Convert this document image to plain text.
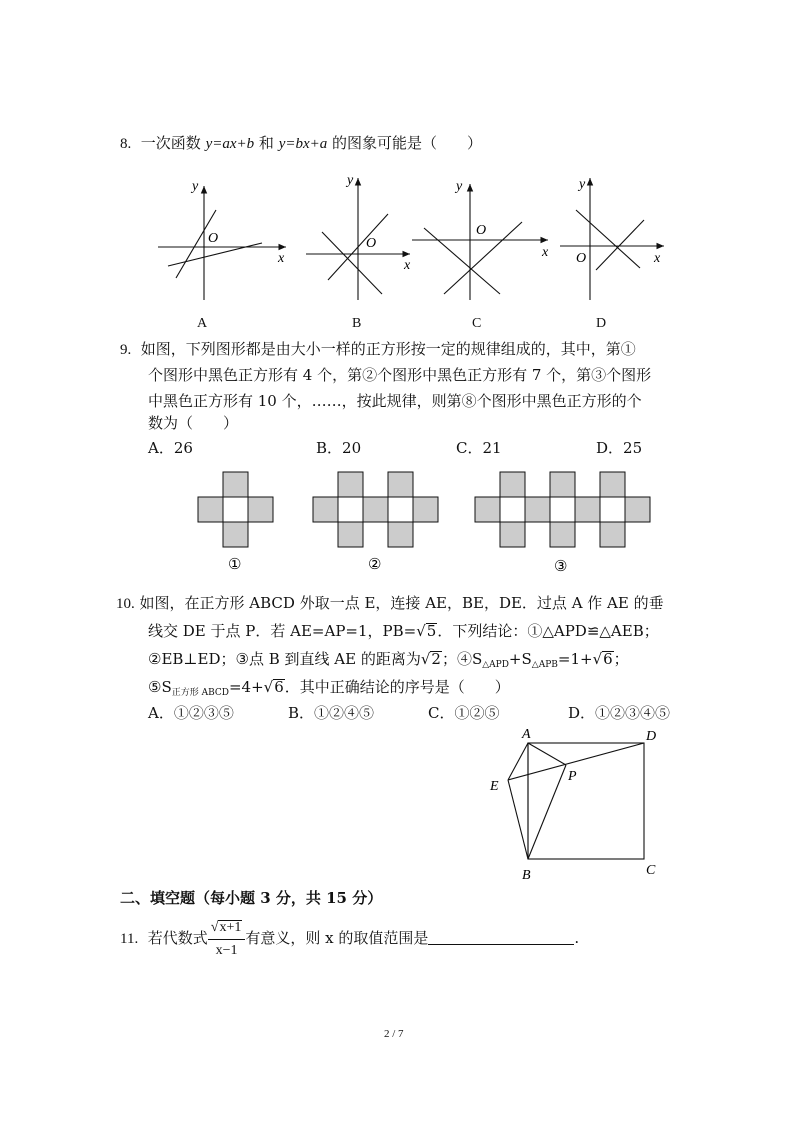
8. 一次函数 y=ax+b 和 y=bx+a 的图象可能是（　　）
y
x
O
y
x
O
y
x
O
y
x
O
A	B	C	D
9. 如图，下列图形都是由大小一样的正方形按一定的规律组成的，其中，第①
个图形中黑色正方形有 4 个，第②个图形中黑色正方形有 7 个，第③个图形
中黑色正方形有 10 个，……，按此规律，则第⑧个图形中黑色正方形的个
数为（　　）
A．26	B．20	C．21	D．25
①	②	③
10. 如图，在正方形 ABCD 外取一点 E，连接 AE，BE，DE．过点 A 作 AE 的垂
线交 DE 于点 P．若 AE=AP=1，PB=√5．下列结论：①△APD≌△AEB；
②EB⊥ED；③点 B 到直线 AE 的距离为√2；$④S_{\triangle APD}+S_{\triangle APB}=1+√6$；
$⑤S_{正方形 ABCD}=4+√6$．其中正确结论的序号是（　　）
A．①②③⑤	B．①②④⑤	C．①②⑤	D．①②③④⑤
A	D
E
P
B	C
二、填空题（每小题 3 分，共 15 分）
11. 若代数式 $\frac{√x+1}{x-1}$ 有意义，则 x 的取值范围是	.
2 / 7
